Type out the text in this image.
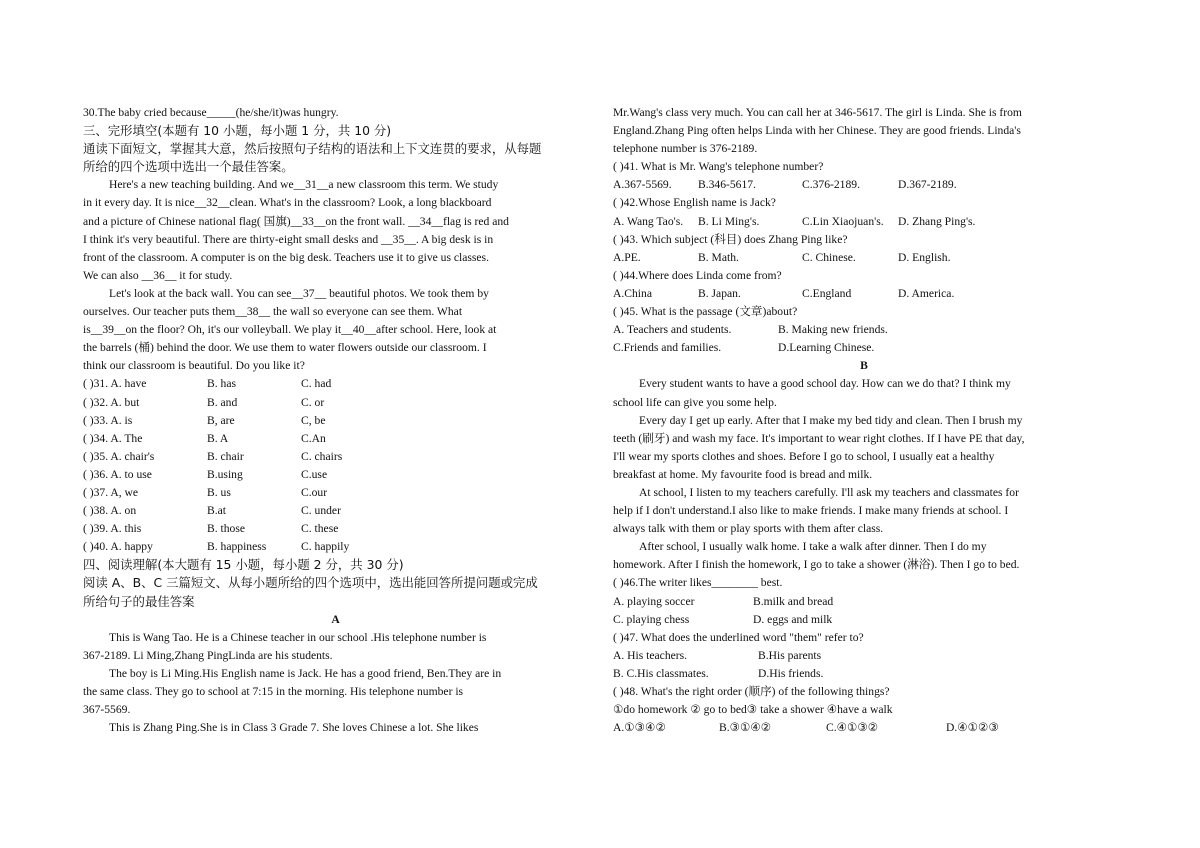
30.The baby cried because_____(he/she/it)was hungry.
三、完形填空(本题有 10 小题，每小题 1 分，共 10 分)
通读下面短文，掌握其大意，然后按照句子结构的语法和上下文连贯的要求，从每题
所给的四个选项中选出一个最佳答案。
Here's a new teaching building. And we__31__a new classroom this term. We study
in it every day. It is nice__32__clean. What's in the classroom? Look, a long blackboard
and a picture of Chinese national flag( 国旗)__33__on the front wall. __34__flag is red and
I think it's very beautiful. There are thirty-eight small desks and __35__. A big desk is in
front of the classroom. A computer is on the big desk. Teachers use it to give us classes.
We can also __36__ it for study.
Let's look at the back wall. You can see__37__ beautiful photos. We took them by
ourselves. Our teacher puts them__38__ the wall so everyone can see them. What
is__39__on the floor? Oh, it's our volleyball. We play it__40__after school. Here, look at
the barrels (桶) behind the door. We use them to water flowers outside our classroom. I
think our classroom is beautiful. Do you like it?
( )31. A. have	B. has	C. had
( )32. A. but	B. and	C. or
( )33. A. is	B, are	C, be
( )34. A. The	B. A	C.An
( )35. A. chair's	B. chair	C. chairs
( )36. A. to use	B.using	C.use
( )37. A, we	B. us	C.our
( )38. A. on	B.at	C. under
( )39. A. this	B. those	C. these
( )40. A. happy	B. happiness	C. happily
四、阅读理解(本大题有 15 小题，每小题 2 分，共 30 分)
阅读 A、B、C 三篇短文、从每小题所给的四个选项中，选出能回答所提问题或完成
所给句子的最佳答案
A
This is Wang Tao. He is a Chinese teacher in our school .His telephone number is
367-2189. Li Ming,Zhang PingLinda are his students.
The boy is Li Ming.His English name is Jack. He has a good friend, Ben.They are in
the same class. They go to school at 7:15 in the morning. His telephone number is
367-5569.
This is Zhang Ping.She is in Class 3 Grade 7. She loves Chinese a lot. She likes
Mr.Wang's class very much. You can call her at 346-5617. The girl is Linda. She is from
England.Zhang Ping often helps Linda with her Chinese. They are good friends. Linda's
telephone number is 376-2189.
( )41. What is Mr. Wang's telephone number?
A.367-5569.	B.346-5617.	C.376-2189.	D.367-2189.
( )42.Whose English name is Jack?
A. Wang Tao's.	B. Li Ming's.	C.Lin Xiaojuan's.	D. Zhang Ping's.
( )43. Which subject (科目) does Zhang Ping like?
A.PE.	B. Math.	C. Chinese.	D. English.
( )44.Where does Linda come from?
A.China	B. Japan.	C.England	D. America.
( )45. What is the passage (文章)about?
A. Teachers and students.	B. Making new friends.
C.Friends and families.	D.Learning Chinese.
B
Every student wants to have a good school day. How can we do that? I think my
school life can give you some help.
Every day I get up early. After that I make my bed tidy and clean. Then I brush my
teeth (刷牙) and wash my face. It's important to wear right clothes. If I have PE that day,
I'll wear my sports clothes and shoes. Before I go to school, I usually eat a healthy
breakfast at home. My favourite food is bread and milk.
At school, I listen to my teachers carefully. I'll ask my teachers and classmates for
help if I don't understand.I also like to make friends. I make many friends at school. I
always talk with them or play sports with them after class.
After school, I usually walk home. I take a walk after dinner. Then I do my
homework. After I finish the homework, I go to take a shower (淋浴). Then I go to bed.
( )46.The writer likes________ best.
A. playing soccer	B.milk and bread
C. playing chess	D. eggs and milk
( )47. What does the underlined word "them" refer to?
A. His teachers.	B.His parents
B. C.His classmates.	D.His friends.
( )48. What's the right order (顺序) of the following things?
①do homework ② go to bed③ take a shower ④have a walk
A.①③④②	B.③①④②	C.④①③②	D.④①②③
